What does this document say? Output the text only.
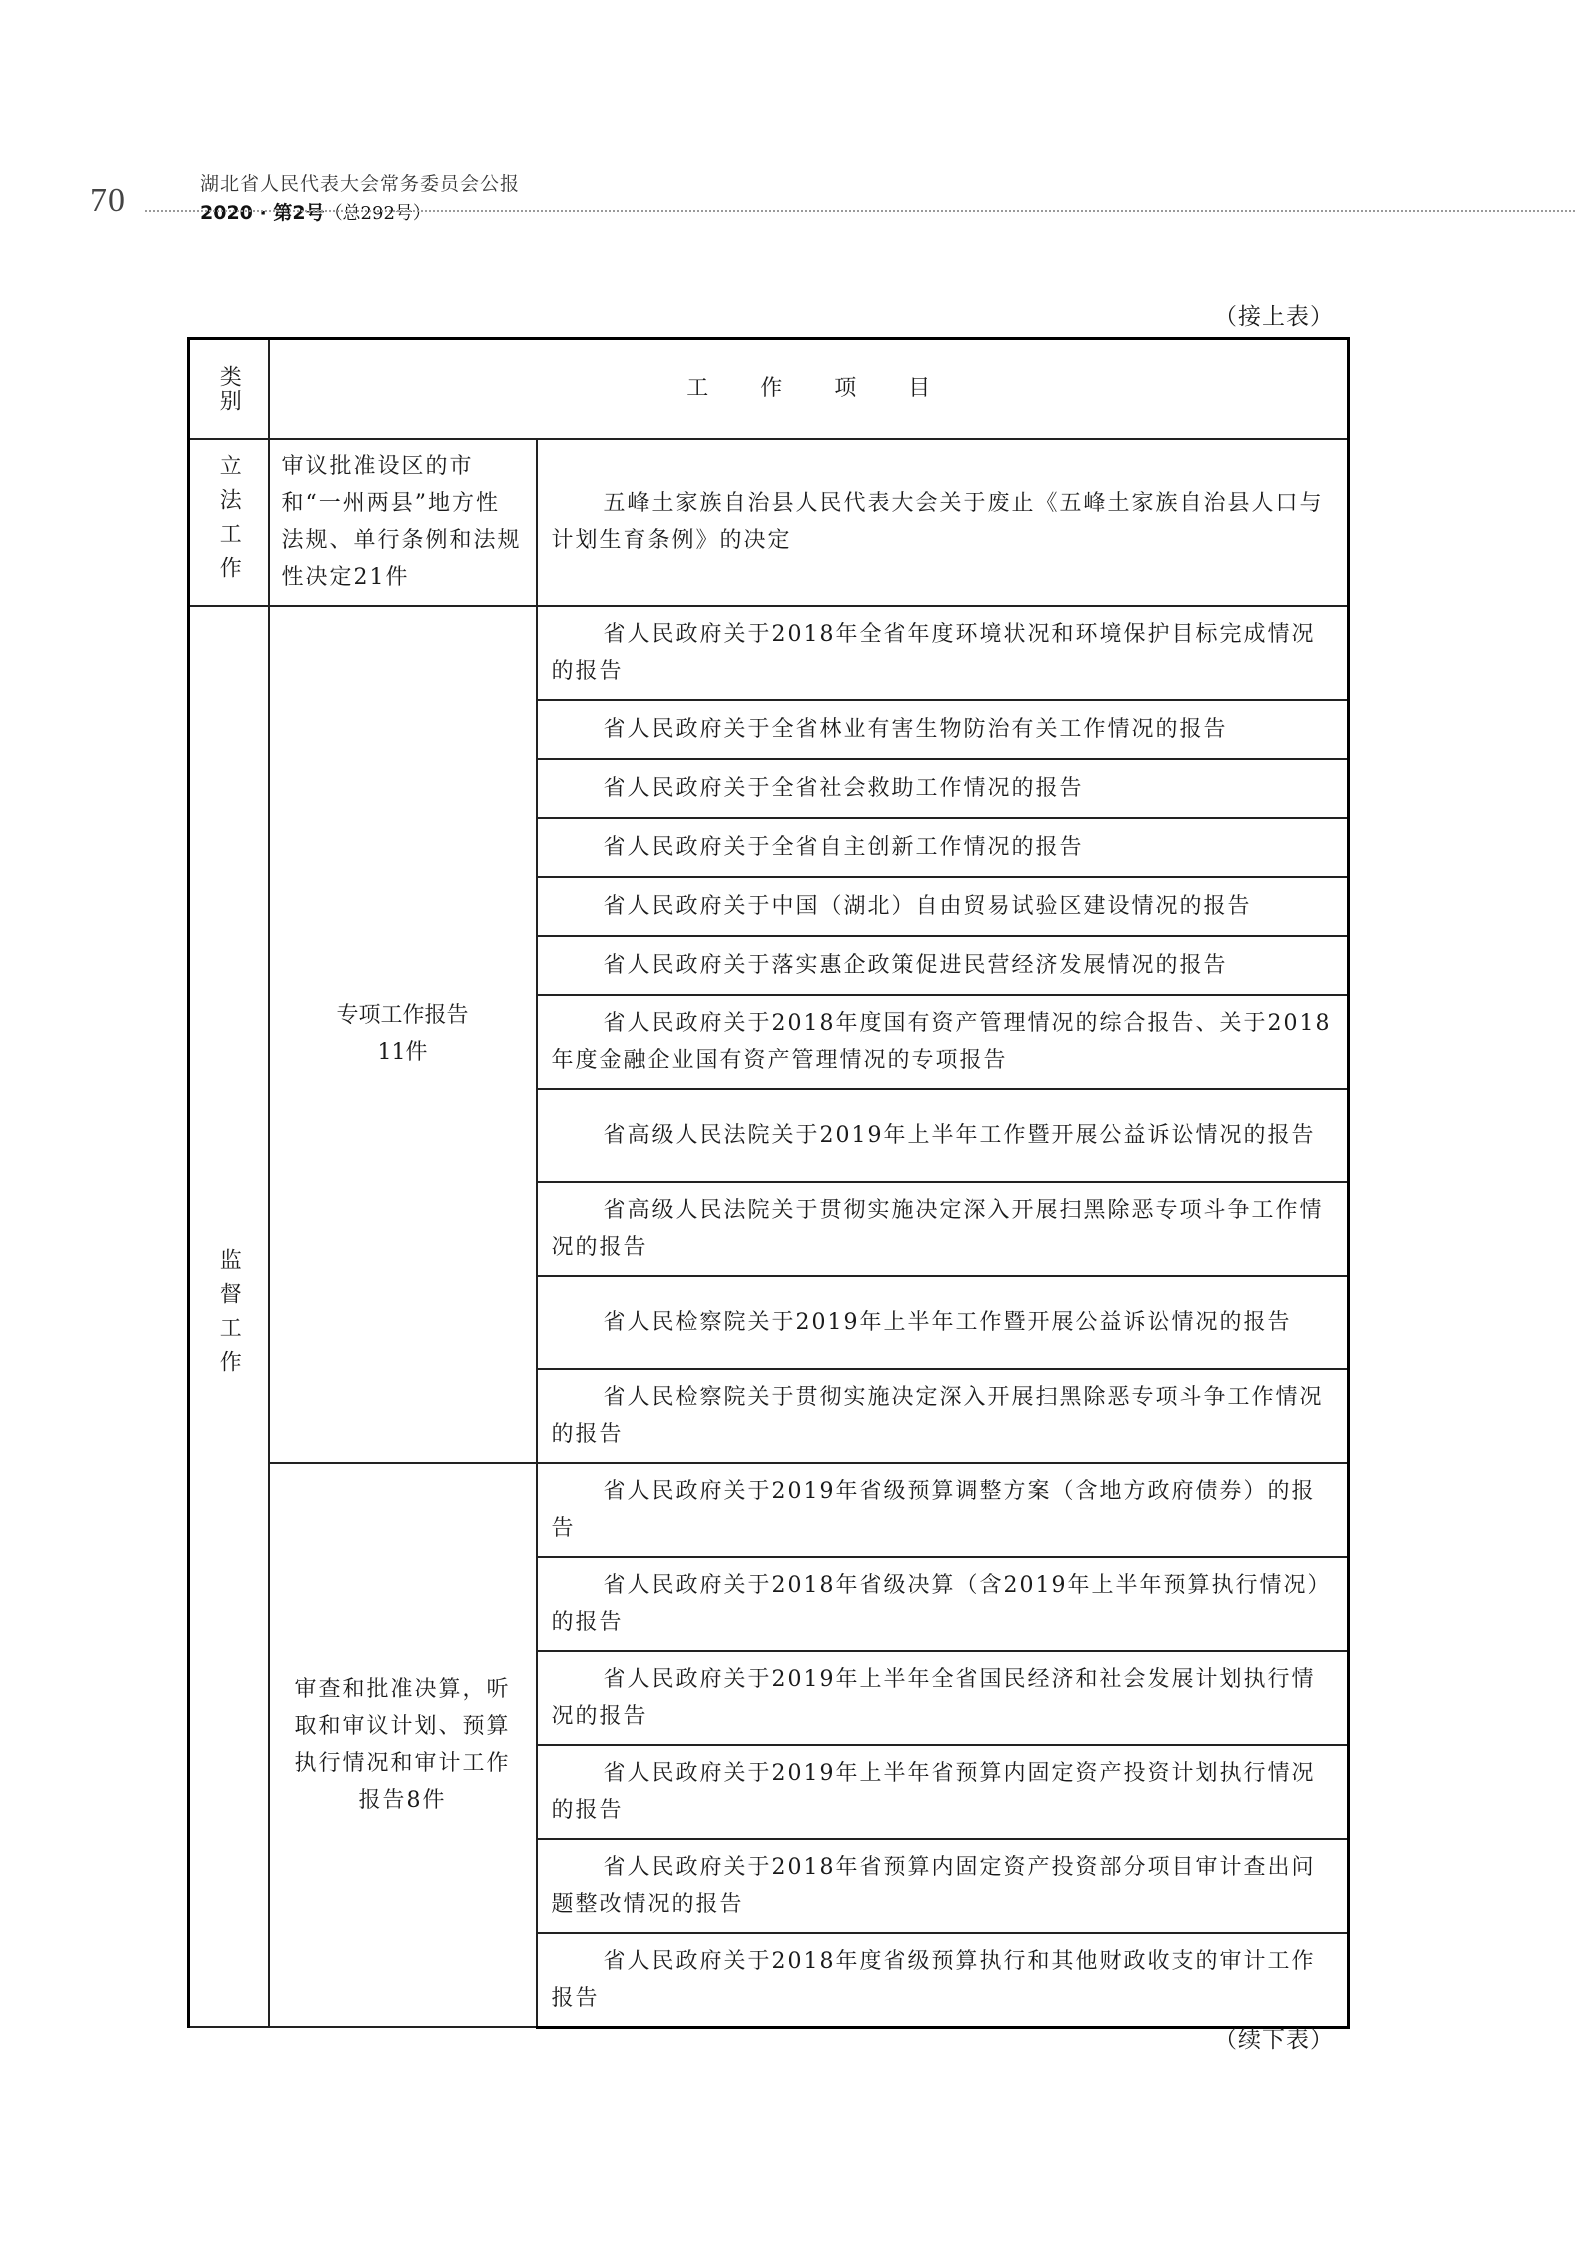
70	湖北省人民代表大会常务委员会公报
2020 · 第2号（总292号）
（接上表）
类别	工作项目	

立法工作	审议批准设区的市和“一州两县”地方性法规、单行条例和法规性决定21件	五峰土家族自治县人民代表大会关于废止《五峰土家族自治县人口与计划生育条例》的决定

监督工作	专项工作报告11件	省人民政府关于2018年全省年度环境状况和环境保护目标完成情况的报告
		省人民政府关于全省林业有害生物防治有关工作情况的报告
		省人民政府关于全省社会救助工作情况的报告
		省人民政府关于全省自主创新工作情况的报告
		省人民政府关于中国（湖北）自由贸易试验区建设情况的报告
		省人民政府关于落实惠企政策促进民营经济发展情况的报告
		省人民政府关于2018年度国有资产管理情况的综合报告、关于2018年度金融企业国有资产管理情况的专项报告
		省高级人民法院关于2019年上半年工作暨开展公益诉讼情况的报告
		省高级人民法院关于贯彻实施决定深入开展扫黑除恶专项斗争工作情况的报告
		省人民检察院关于2019年上半年工作暨开展公益诉讼情况的报告
		省人民检察院关于贯彻实施决定深入开展扫黑除恶专项斗争工作情况的报告

	审查和批准决算，听取和审议计划、预算执行情况和审计工作报告8件	省人民政府关于2019年省级预算调整方案（含地方政府债券）的报告
		省人民政府关于2018年省级决算（含2019年上半年预算执行情况）的报告
		省人民政府关于2019年上半年全省国民经济和社会发展计划执行情况的报告
		省人民政府关于2019年上半年省预算内固定资产投资计划执行情况的报告
		省人民政府关于2018年省预算内固定资产投资部分项目审计查出问题整改情况的报告
		省人民政府关于2018年度省级预算执行和其他财政收支的审计工作报告
（续下表）
